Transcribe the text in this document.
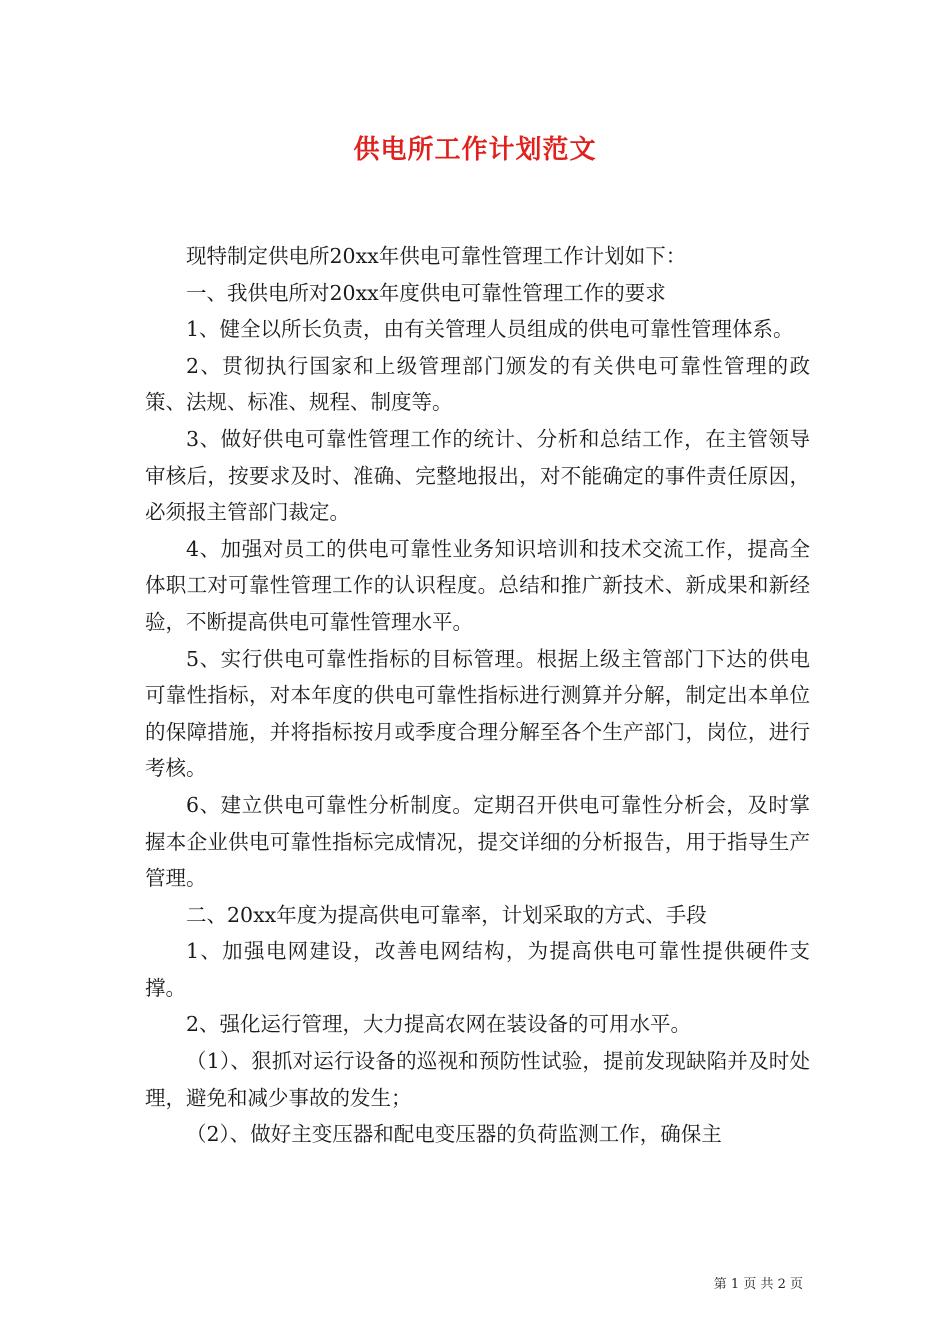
供电所工作计划范文

现特制定供电所20xx年供电可靠性管理工作计划如下：

一、我供电所对20xx年度供电可靠性管理工作的要求

1、健全以所长负责，由有关管理人员组成的供电可靠性管理体系。

2、贯彻执行国家和上级管理部门颁发的有关供电可靠性管理的政策、法规、标准、规程、制度等。

3、做好供电可靠性管理工作的统计、分析和总结工作，在主管领导审核后，按要求及时、准确、完整地报出，对不能确定的事件责任原因，必须报主管部门裁定。

4、加强对员工的供电可靠性业务知识培训和技术交流工作，提高全体职工对可靠性管理工作的认识程度。总结和推广新技术、新成果和新经验，不断提高供电可靠性管理水平。

5、实行供电可靠性指标的目标管理。根据上级主管部门下达的供电可靠性指标，对本年度的供电可靠性指标进行测算并分解，制定出本单位的保障措施，并将指标按月或季度合理分解至各个生产部门，岗位，进行考核。

6、建立供电可靠性分析制度。定期召开供电可靠性分析会，及时掌握本企业供电可靠性指标完成情况，提交详细的分析报告，用于指导生产管理。

二、20xx年度为提高供电可靠率，计划采取的方式、手段

1、加强电网建设，改善电网结构，为提高供电可靠性提供硬件支撑。

2、强化运行管理，大力提高农网在装设备的可用水平。

（1）、狠抓对运行设备的巡视和预防性试验，提前发现缺陷并及时处理，避免和减少事故的发生；

（2）、做好主变压器和配电变压器的负荷监测工作，确保主

第 1 页 共 2 页
